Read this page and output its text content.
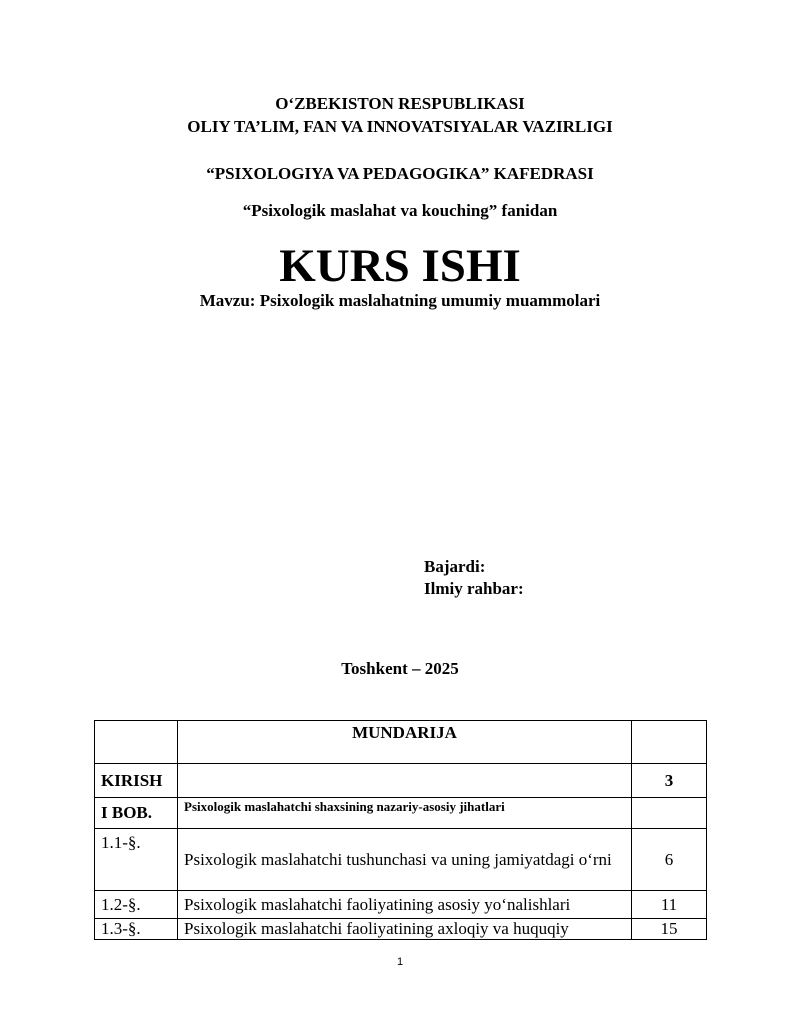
O‘ZBEKISTON RESPUBLIKASI
OLIY TA’LIM, FAN VA INNOVATSIYALAR VAZIRLIGI
“PSIXOLOGIYA VA PEDAGOGIKA” KAFEDRASI
“Psixologik maslahat va kouching” fanidan
KURS ISHI
Mavzu: Psixologik maslahatning umumiy muammolari
Bajardi:
Ilmiy rahbar:
Toshkent – 2025
	MUNDARIJA	
KIRISH		3
I BOB.	Psixologik maslahatchi shaxsining nazariy-asosiy jihatlari	
1.1-§.	Psixologik maslahatchi tushunchasi va uning jamiyatdagi o‘rni	6
1.2-§.	Psixologik maslahatchi faoliyatining asosiy yo‘nalishlari	11
1.3-§.	Psixologik maslahatchi faoliyatining axloqiy va huquqiy	15
1
